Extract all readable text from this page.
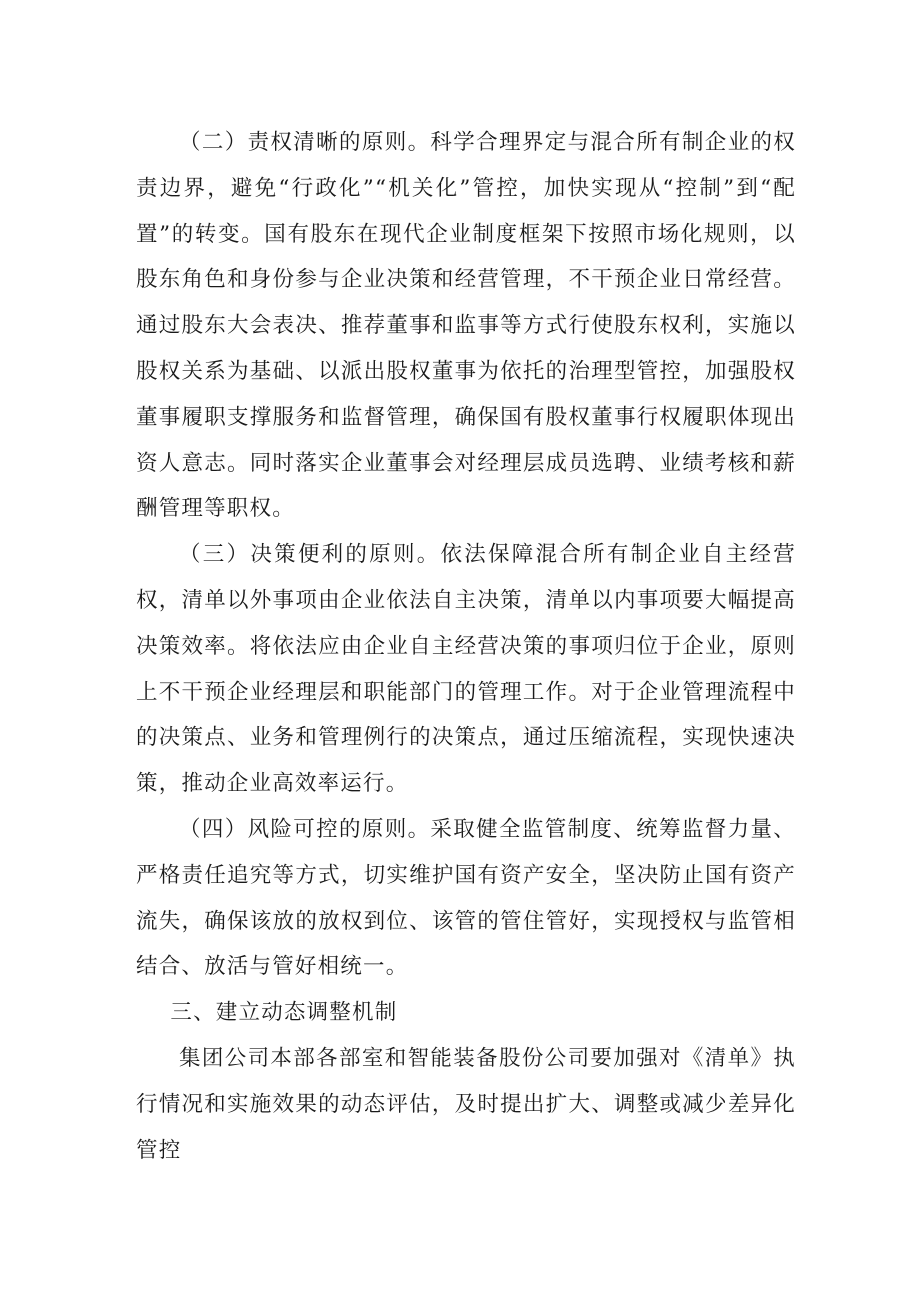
（二）责权清晰的原则。科学合理界定与混合所有制企业的权责边界，避免“行政化”“机关化”管控，加快实现从“控制”到“配置”的转变。国有股东在现代企业制度框架下按照市场化规则，以股东角色和身份参与企业决策和经营管理，不干预企业日常经营。通过股东大会表决、推荐董事和监事等方式行使股东权利，实施以股权关系为基础、以派出股权董事为依托的治理型管控，加强股权董事履职支撑服务和监督管理，确保国有股权董事行权履职体现出资人意志。同时落实企业董事会对经理层成员选聘、业绩考核和薪酬管理等职权。

（三）决策便利的原则。依法保障混合所有制企业自主经营权，清单以外事项由企业依法自主决策，清单以内事项要大幅提高决策效率。将依法应由企业自主经营决策的事项归位于企业，原则上不干预企业经理层和职能部门的管理工作。对于企业管理流程中的决策点、业务和管理例行的决策点，通过压缩流程，实现快速决策，推动企业高效率运行。

（四）风险可控的原则。采取健全监管制度、统筹监督力量、严格责任追究等方式，切实维护国有资产安全，坚决防止国有资产流失，确保该放的放权到位、该管的管住管好，实现授权与监管相结合、放活与管好相统一。

三、建立动态调整机制

集团公司本部各部室和智能装备股份公司要加强对《清单》执行情况和实施效果的动态评估，及时提出扩大、调整或减少差异化管控
